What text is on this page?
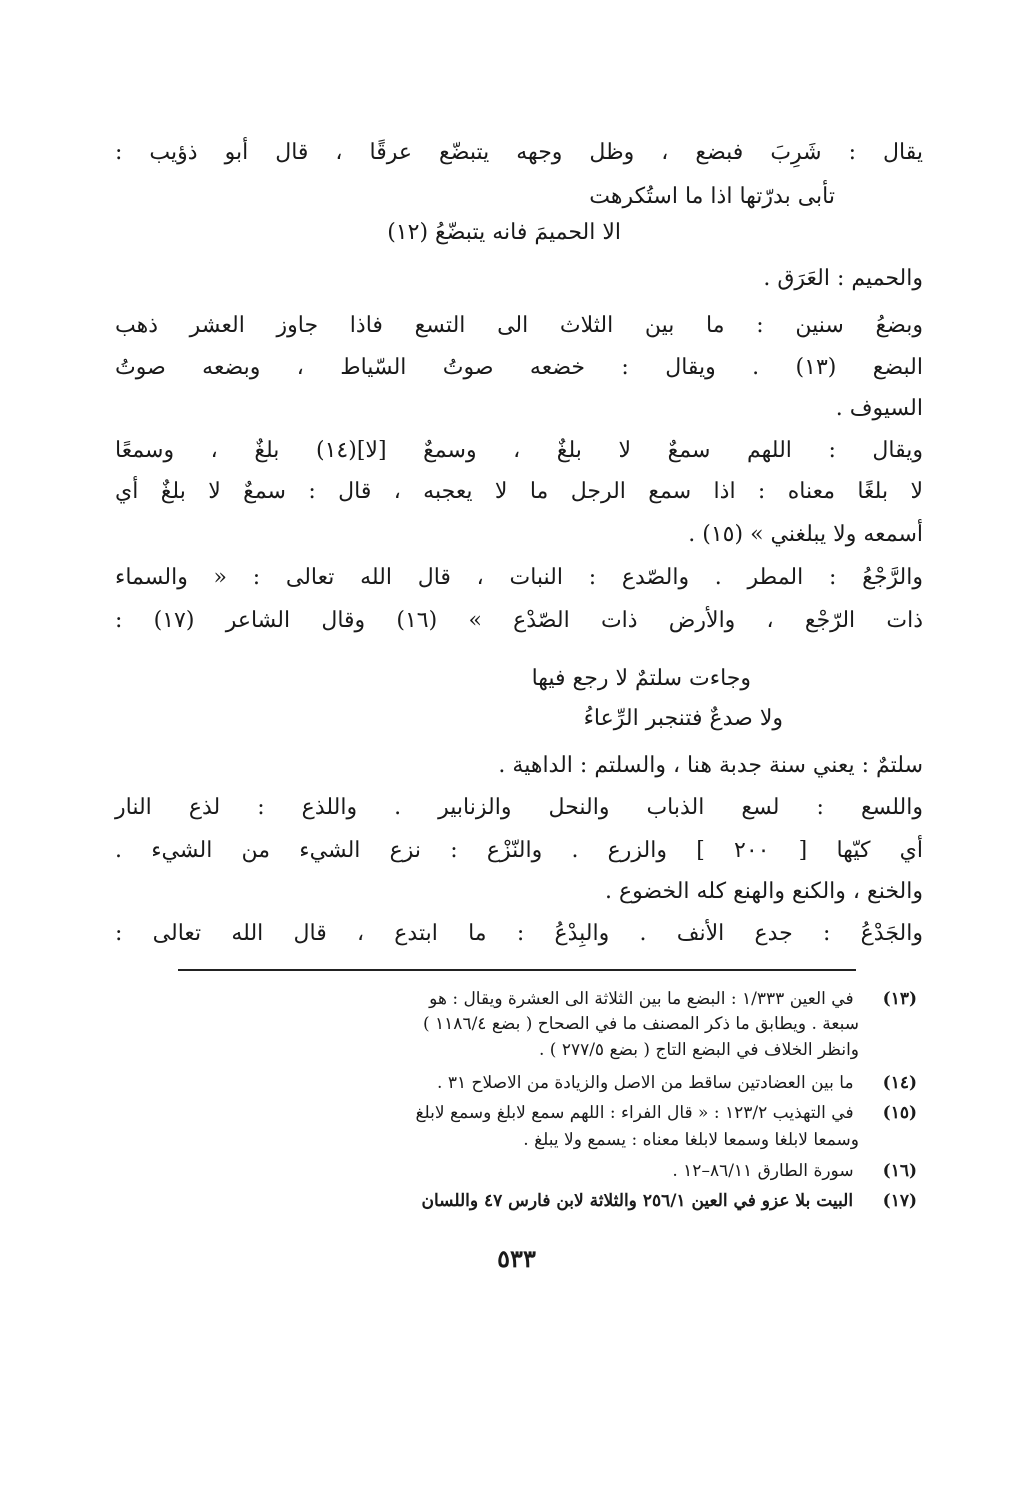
يقال : شَرِبَ فبضع ، وظل وجهه يتبضّع عرقًا ، قال أبو ذؤيب :
تأبى بدرّتها اذا ما استُكرهت
الا الحميمَ فانه يتبضّعُ (١٢)
والحميم : العَرَق .
وبضعُ سنين : ما بين الثلاث الى التسع فاذا جاوز العشر ذهب
البضع (١٣) . ويقال : خضعه صوتُ السّياط ، وبضعه صوتُ
السيوف .
ويقال : اللهم سمعٌ لا بلغٌ ، وسمعٌ [لا](١٤) بلغٌ ، وسمعًا
لا بلغًا معناه : اذا سمع الرجل ما لا يعجبه ، قال : سمعٌ لا بلغٌ أي
أسمعه ولا يبلغني » (١٥) .
والرَّجْعُ : المطر . والصّدع : النبات ، قال الله تعالى : « والسماء
ذات الرّجْع ، والأرض ذات الصّدْع » (١٦) وقال الشاعر (١٧) :
وجاءت سلتمٌ لا رجع فيها
ولا صدعٌ فتنجبر الرِّعاءُ
سلتمٌ : يعني سنة جدبة هنا ، والسلتم : الداهية .
واللسع : لسع الذباب والنحل والزنابير . واللذع : لذع النار
أي كيّها [ ٢٠٠ ] والزرع . والنّزْع : نزع الشيء من الشيء .
والخنع ، والكنع والهنع كله الخضوع .
والجَدْعُ : جدع الأنف . والبِدْعُ : ما ابتدع ، قال الله تعالى :
(١٣) في العين ١/٣٣٣ : البضع ما بين الثلاثة الى العشرة ويقال : هو
سبعة . ويطابق ما ذكر المصنف ما في الصحاح ( بضع ١١٨٦/٤ )
وانظر الخلاف في البضع التاج ( بضع ٢٧٧/٥ ) .
(١٤) ما بين العضادتين ساقط من الاصل والزيادة من الاصلاح ٣١ .
(١٥) في التهذيب ١٢٣/٢ : « قال الفراء : اللهم سمع لابلغ وسمع لابلغ
وسمعا لابلغا وسمعا لابلغا معناه : يسمع ولا يبلغ .
(١٦) سورة الطارق ٨٦/١١–١٢ .
(١٧) البيت بلا عزو في العين ٢٥٦/١ والثلاثة لابن فارس ٤٧ واللسان
٥٣٣
